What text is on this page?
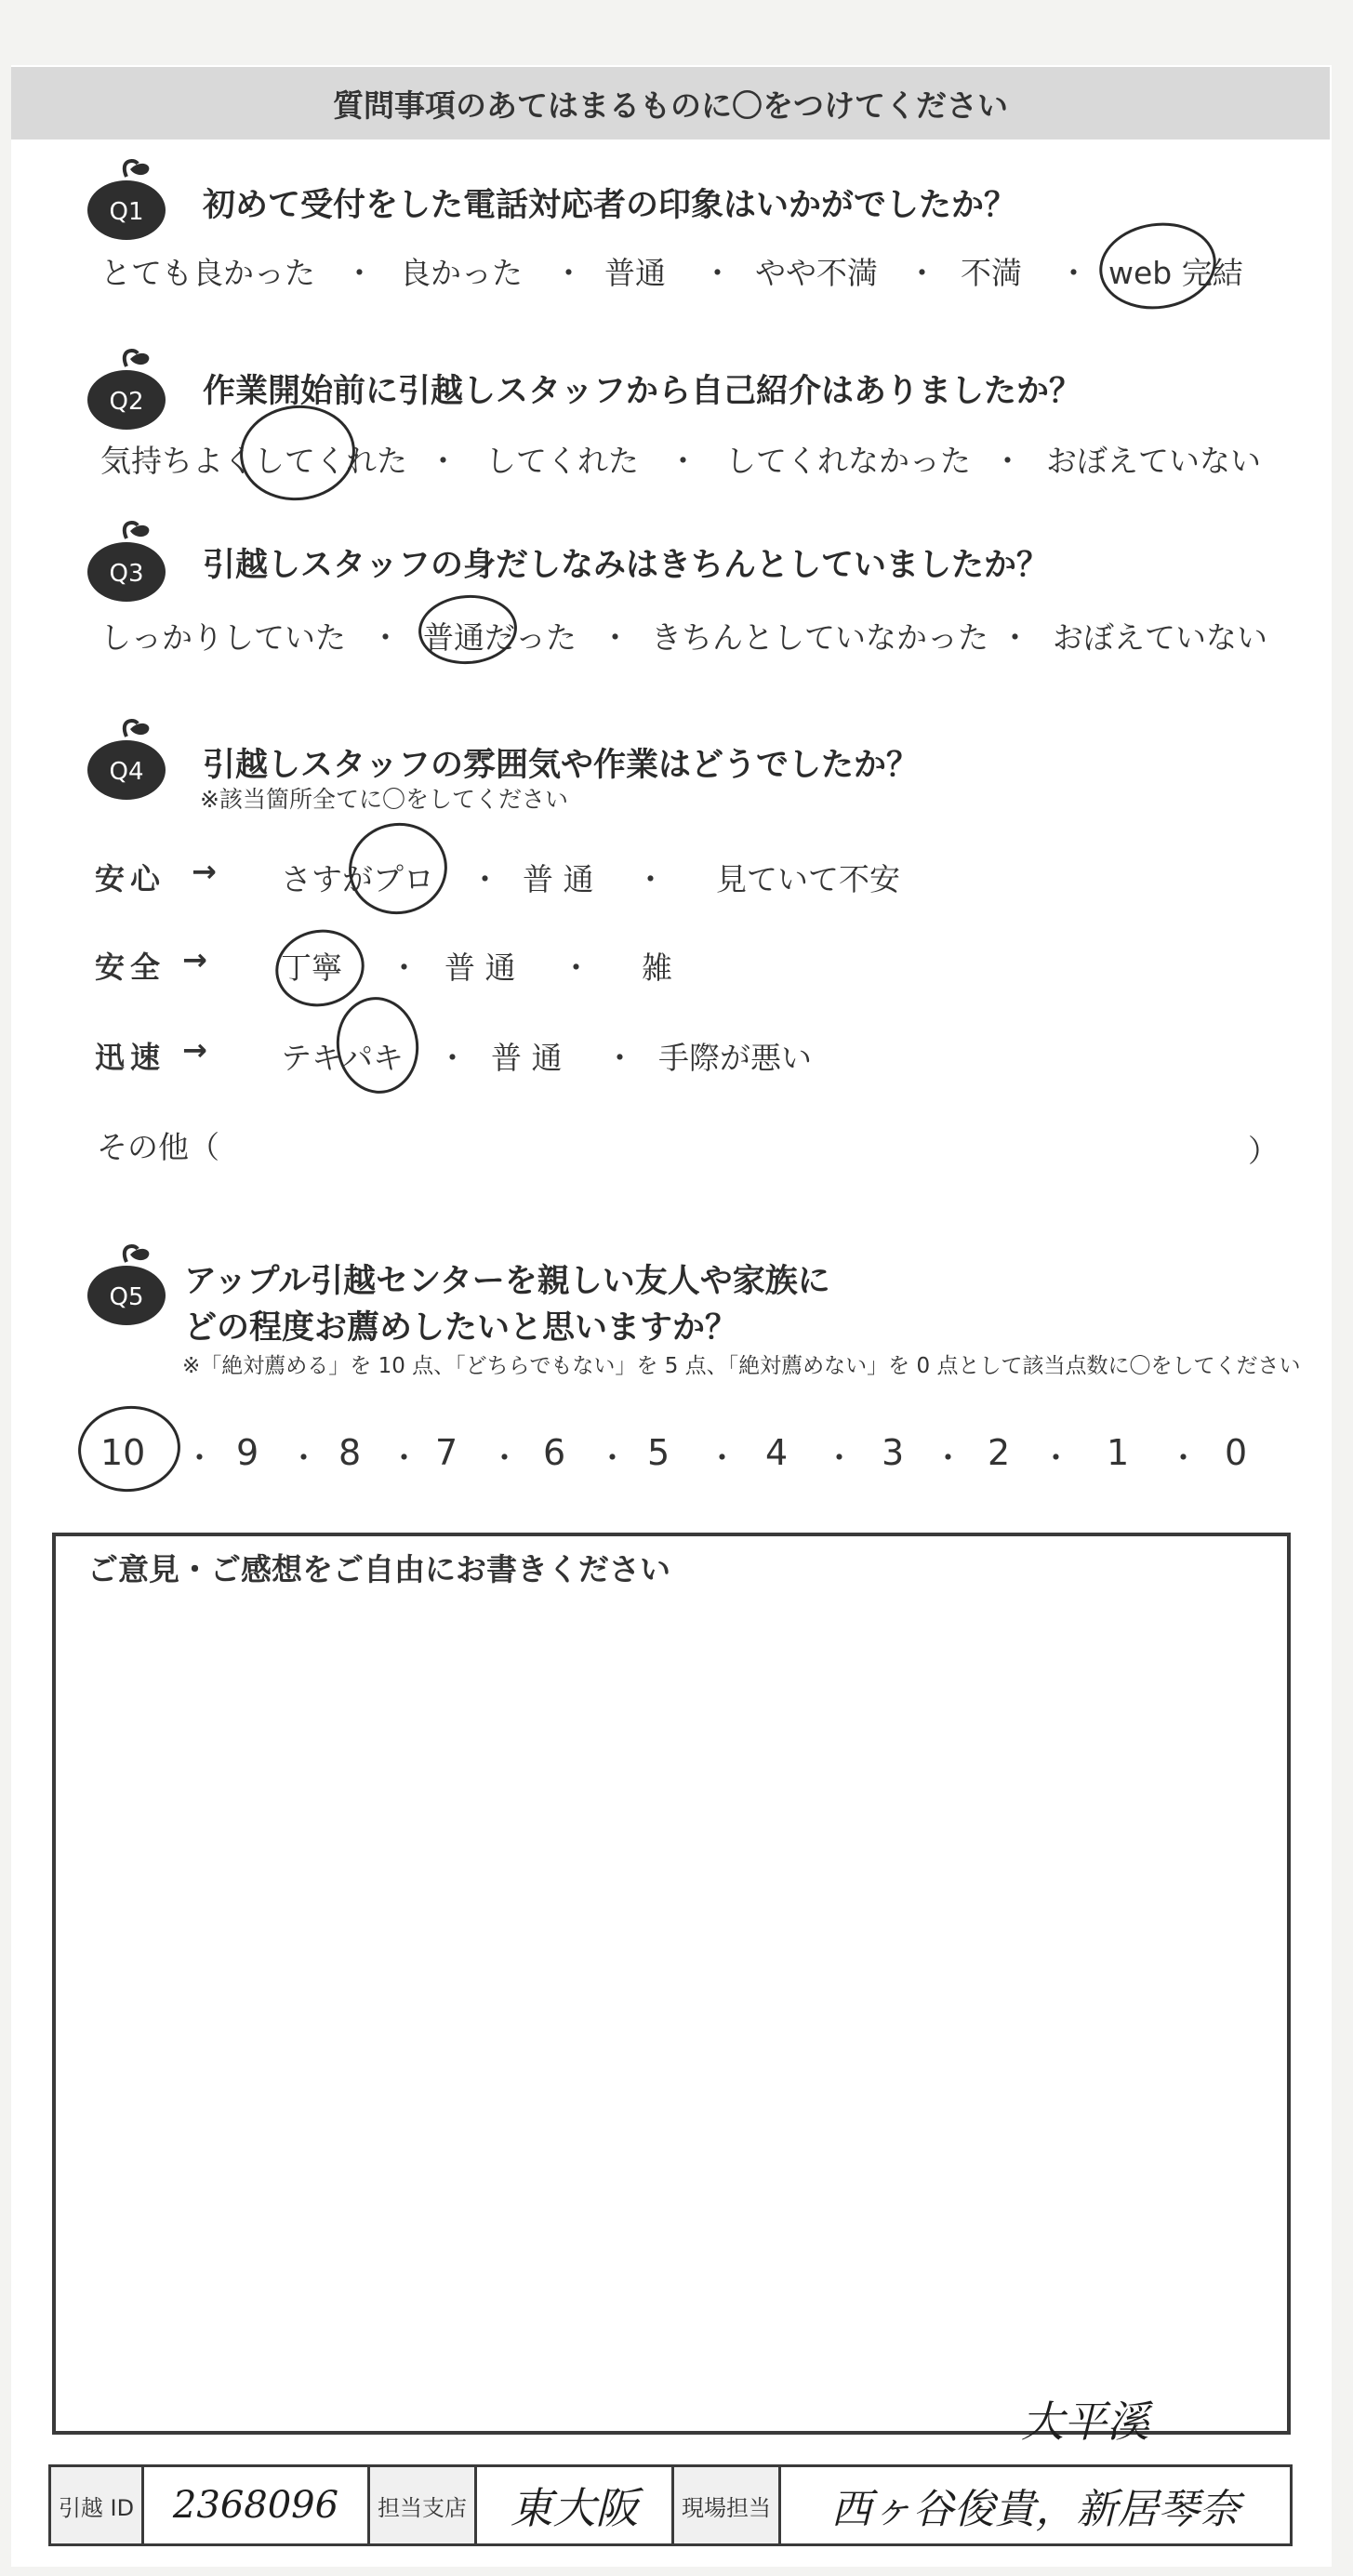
質問事項のあてはまるものに〇をつけてください
Q1 初めて受付をした電話対応者の印象はいかがでしたか？
とても良かった ・ 良かった ・ 普通 ・ やや不満 ・ 不満 ・ web 完結
Q2 作業開始前に引越しスタッフから自己紹介はありましたか？
気持ちよくしてくれた ・ してくれた ・ してくれなかった ・ おぼえていない
Q3 引越しスタッフの身だしなみはきちんとしていましたか？
しっかりしていた ・ 普通だった ・ きちんとしていなかった ・ おぼえていない
Q4 引越しスタッフの雰囲気や作業はどうでしたか？
※該当箇所全てに〇をしてください
安心 → さすがプロ ・ 普 通 ・ 見ていて不安
安全 → 丁寧 ・ 普 通 ・ 雑
迅速 → テキパキ ・ 普 通 ・ 手際が悪い
その他（	）
Q5 アップル引越センターを親しい友人や家族に
どの程度お薦めしたいと思いますか？
※「絶対薦める」を 10 点、「どちらでもない」を 5 点、「絶対薦めない」を 0 点として該当点数に〇をしてください
10 ・ 9 ・ 8 ・ 7 ・ 6 ・ 5 ・ 4 ・ 3 ・ 2 ・ 1 ・ 0
ご意見・ご感想をご自由にお書きください
大平溪
引越 ID	2368096	担当支店	東大阪	現場担当	西ヶ谷俊貴，新居琴奈
